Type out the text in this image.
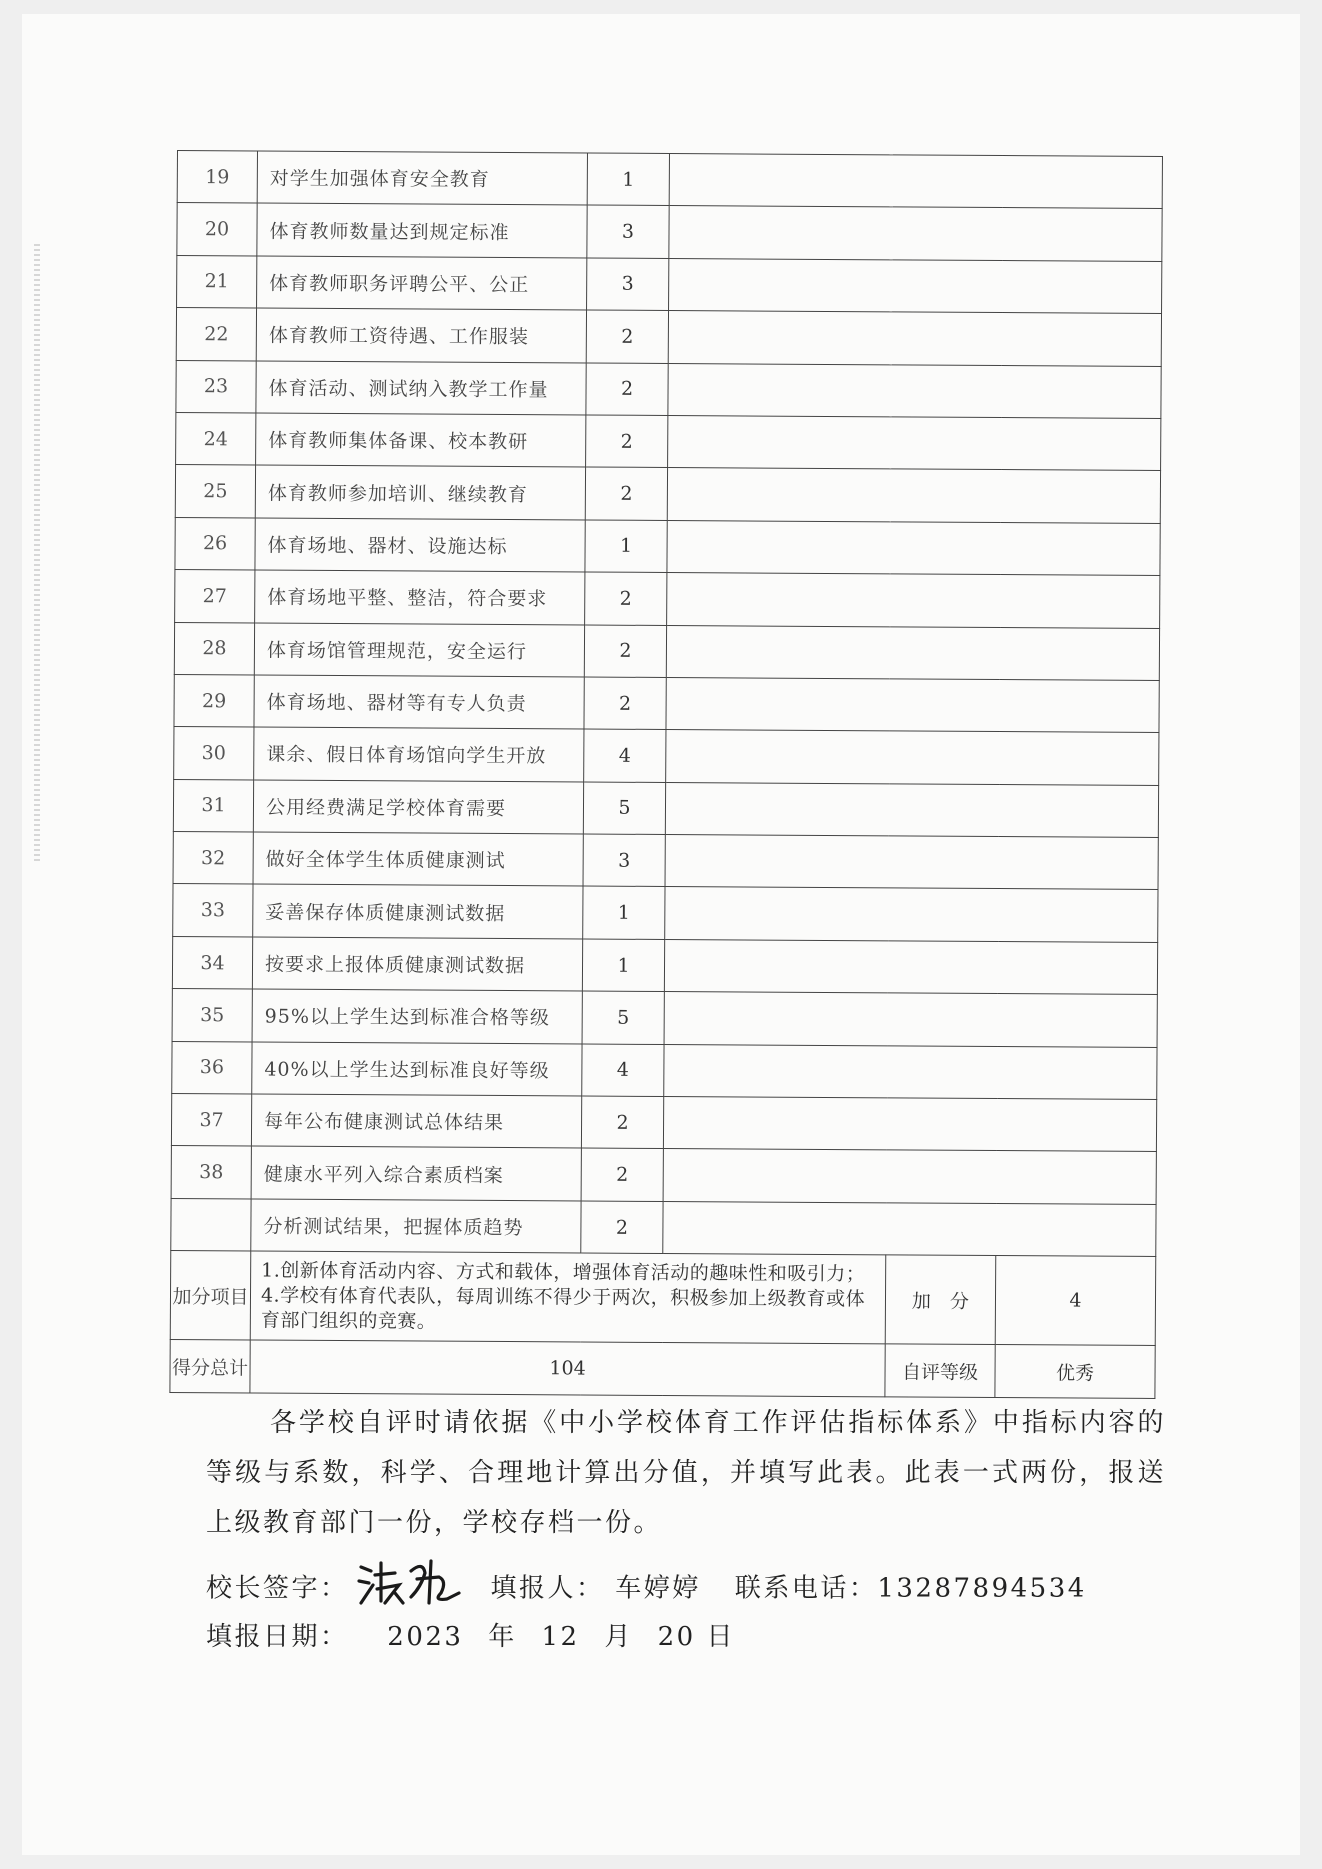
19	对学生加强体育安全教育	1			
20	体育教师数量达到规定标准	3			
21	体育教师职务评聘公平、公正	3			
22	体育教师工资待遇、工作服装	2			
23	体育活动、测试纳入教学工作量	2			
24	体育教师集体备课、校本教研	2			
25	体育教师参加培训、继续教育	2			
26	体育场地、器材、设施达标	1			
27	体育场地平整、整洁，符合要求	2			
28	体育场馆管理规范，安全运行	2			
29	体育场地、器材等有专人负责	2			
30	课余、假日体育场馆向学生开放	4			
31	公用经费满足学校体育需要	5			
32	做好全体学生体质健康测试	3			
33	妥善保存体质健康测试数据	1			
34	按要求上报体质健康测试数据	1			
35	95%以上学生达到标准合格等级	5			
36	40%以上学生达到标准良好等级	4			
37	每年公布健康测试总体结果	2			
38	健康水平列入综合素质档案	2			
	分析测试结果，把握体质趋势	2			
加分项目	1.创新体育活动内容、方式和载体，增强体育活动的趣味性和吸引力；4.学校有体育代表队，每周训练不得少于两次，积极参加上级教育或体育部门组织的竞赛。			加　分	4
得分总计	104			自评等级	优秀
各学校自评时请依据《中小学校体育工作评估指标体系》中指标内容的等级与系数，科学、合理地计算出分值，并填写此表。此表一式两份，报送上级教育部门一份，学校存档一份。
校长签字：	填报人： 车婷婷 联系电话：13287894534
填报日期： 2023 年 12 月 20 日
